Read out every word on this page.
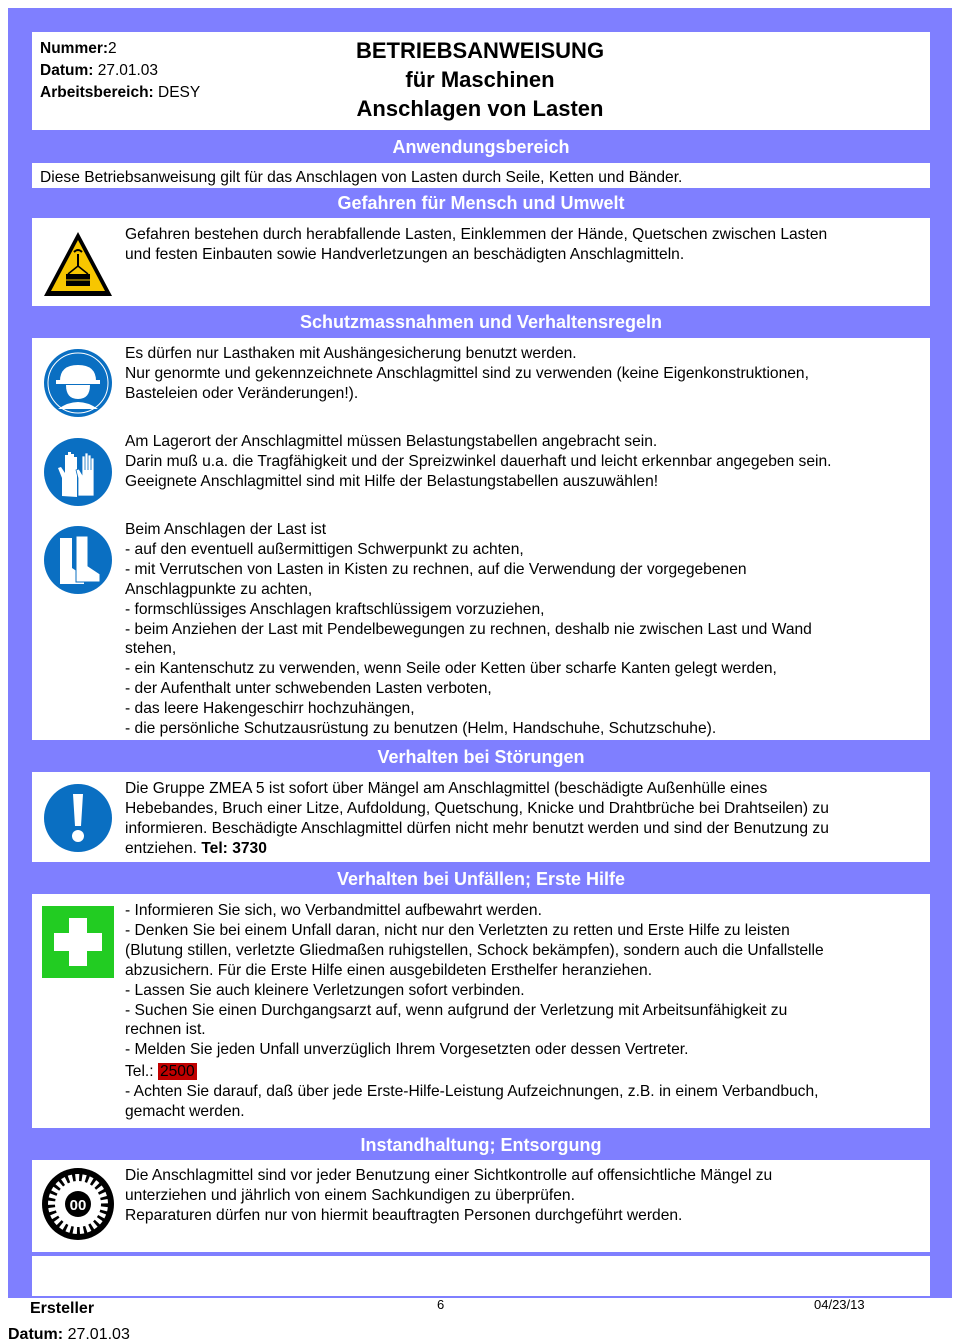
Nummer:2
Datum: 27.01.03
Arbeitsbereich: DESY
BETRIEBSANWEISUNG
für Maschinen
Anschlagen von Lasten
Anwendungsbereich
Diese Betriebsanweisung gilt für das Anschlagen von Lasten durch Seile, Ketten und Bänder.
Gefahren für Mensch und Umwelt

Gefahren bestehen durch herabfallende Lasten, Einklemmen der Hände, Quetschen zwischen Lasten
und festen Einbauten sowie Handverletzungen an beschädigten Anschlagmitteln.

Schutzmassnahmen und Verhaltensregeln

Es dürfen nur Lasthaken mit Aushängesicherung benutzt werden.
Nur genormte und gekennzeichnete Anschlagmittel sind zu verwenden (keine Eigenkonstruktionen,
Basteleien oder Veränderungen!).

Am Lagerort der Anschlagmittel müssen Belastungstabellen angebracht sein.
Darin muß u.a. die Tragfähigkeit und der Spreizwinkel dauerhaft und leicht erkennbar angegeben sein.
Geeignete Anschlagmittel sind mit Hilfe der Belastungstabellen auszuwählen!

Beim Anschlagen der Last ist
- auf den eventuell außermittigen Schwerpunkt zu achten,
- mit Verrutschen von Lasten in Kisten zu rechnen, auf die Verwendung der vorgegebenen
Anschlagpunkte zu achten,
- formschlüssiges Anschlagen kraftschlüssigem vorzuziehen,
- beim Anziehen der Last mit Pendelbewegungen zu rechnen, deshalb nie zwischen Last und Wand
stehen,
- ein Kantenschutz zu verwenden, wenn Seile oder Ketten über scharfe Kanten gelegt werden,
- der Aufenthalt unter schwebenden Lasten verboten,
- das leere Hakengeschirr hochzuhängen,
- die persönliche Schutzausrüstung zu benutzen (Helm, Handschuhe, Schutzschuhe).

Verhalten bei Störungen

Die Gruppe ZMEA 5 ist sofort über Mängel am Anschlagmittel (beschädigte Außenhülle eines
Hebebandes, Bruch einer Litze, Aufdoldung, Quetschung, Knicke und Drahtbrüche bei Drahtseilen) zu
informieren. Beschädigte Anschlagmittel dürfen nicht mehr benutzt werden und sind der Benutzung zu
entziehen. Tel: 3730

Verhalten bei Unfällen; Erste Hilfe

- Informieren Sie sich, wo Verbandmittel aufbewahrt werden.
- Denken Sie bei einem Unfall daran, nicht nur den Verletzten zu retten und Erste Hilfe zu leisten
(Blutung stillen, verletzte Gliedmaßen ruhigstellen, Schock bekämpfen), sondern auch die Unfallstelle
abzusichern. Für die Erste Hilfe einen ausgebildeten Ersthelfer heranziehen.
- Lassen Sie auch kleinere Verletzungen sofort verbinden.
- Suchen Sie einen Durchgangsarzt auf, wenn aufgrund der Verletzung mit Arbeitsunfähigkeit zu
rechnen ist.
- Melden Sie jeden Unfall unverzüglich Ihrem Vorgesetzten oder dessen Vertreter.

Tel.: 2500

- Achten Sie darauf, daß über jede Erste-Hilfe-Leistung Aufzeichnungen, z.B. in einem Verbandbuch,
gemacht werden.

Instandhaltung; Entsorgung
00

Die Anschlagmittel sind vor jeder Benutzung einer Sichtkontrolle auf offensichtliche Mängel zu
unterziehen und jährlich von einem Sachkundigen zu überprüfen.
Reparaturen dürfen nur von hiermit beauftragten Personen durchgeführt werden.

Ersteller	6	04/23/13
Datum: 27.01.03
